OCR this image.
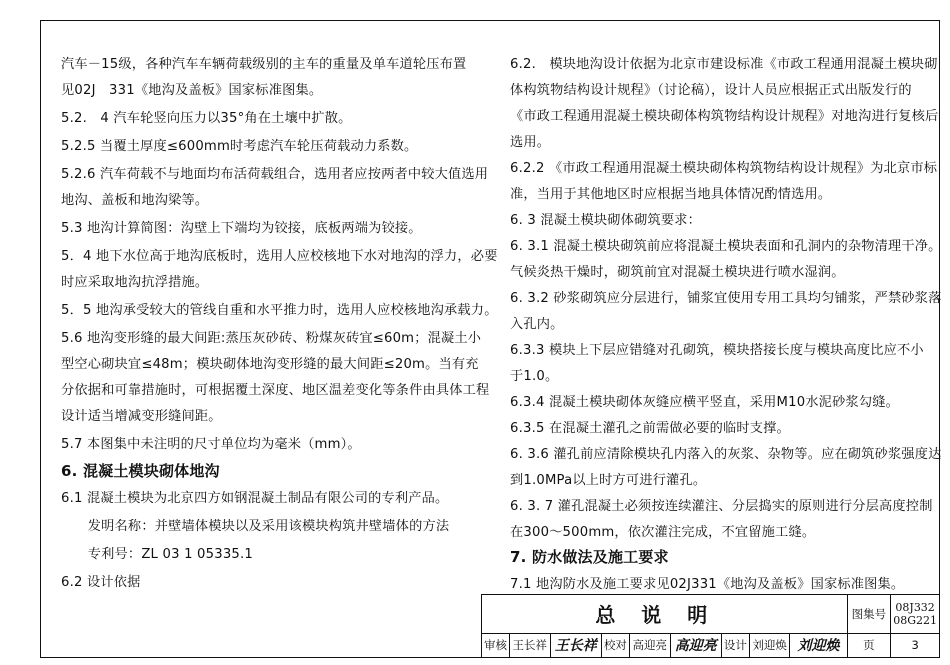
汽车－15级，各种汽车车辆荷载级别的主车的重量及单车道轮压布置
见02J　331《地沟及盖板》国家标准图集。
5.2.　4 汽车轮竖向压力以35°角在土壤中扩散。
5.2.5 当覆土厚度≤600mm时考虑汽车轮压荷载动力系数。
5.2.6 汽车荷载不与地面均布活荷载组合，选用者应按两者中较大值选用
地沟、盖板和地沟梁等。
5.3 地沟计算简图：沟壁上下端均为铰接，底板两端为铰接。
5．4 地下水位高于地沟底板时，选用人应校核地下水对地沟的浮力，必要
时应采取地沟抗浮措施。
5．5 地沟承受较大的管线自重和水平推力时，选用人应校核地沟承载力。
5.6 地沟变形缝的最大间距:蒸压灰砂砖、粉煤灰砖宜≤60m；混凝土小
型空心砌块宜≤48m；模块砌体地沟变形缝的最大间距≤20m。当有充
分依据和可靠措施时，可根据覆土深度、地区温差变化等条件由具体工程
设计适当增减变形缝间距。
5.7 本图集中未注明的尺寸单位均为毫米（mm）。
6. 混凝土模块砌体地沟
6.1 混凝土模块为北京四方如钢混凝土制品有限公司的专利产品。
　　发明名称：并壁墙体模块以及采用该模块构筑井壁墙体的方法
　　专利号：ZL 03 1 05335.1
6.2 设计依据
6.2.　模块地沟设计依据为北京市建设标准《市政工程通用混凝土模块砌
体构筑物结构设计规程》（讨论稿），设计人员应根据正式出版发行的
《市政工程通用混凝土模块砌体构筑物结构设计规程》对地沟进行复核后
选用。
6.2.2 《市政工程通用混凝土模块砌体构筑物结构设计规程》为北京市标
准，当用于其他地区时应根据当地具体情况酌情选用。
6. 3 混凝土模块砌体砌筑要求：
6. 3.1 混凝土模块砌筑前应将混凝土模块表面和孔洞内的杂物清理干净。
气候炎热干燥时，砌筑前宜对混凝土模块进行喷水湿润。
6. 3.2 砂浆砌筑应分层进行，铺浆宜使用专用工具均匀铺浆，严禁砂浆落
入孔内。
6.3.3 模块上下层应错缝对孔砌筑，模块搭接长度与模块高度比应不小
于1.0。
6.3.4 混凝土模块砌体灰缝应横平竖直，采用M10水泥砂浆勾缝。
6.3.5 在混凝土灌孔之前需做必要的临时支撑。
6. 3.6 灌孔前应清除模块孔内落入的灰浆、杂物等。应在砌筑砂浆强度达
到1.0MPa以上时方可进行灌孔。
6. 3. 7 灌孔混凝土必须按连续灌注、分层捣实的原则进行分层高度控制
在300～500mm，依次灌注完成，不宜留施工缝。
7. 防水做法及施工要求
7.1 地沟防水及施工要求见02J331《地沟及盖板》国家标准图集。
总说明									图集号	08J332
08G221

审核	王长祥	王长祥	校对	高迎亮	高迎亮	设计	刘迎焕	刘迎焕	页	3
